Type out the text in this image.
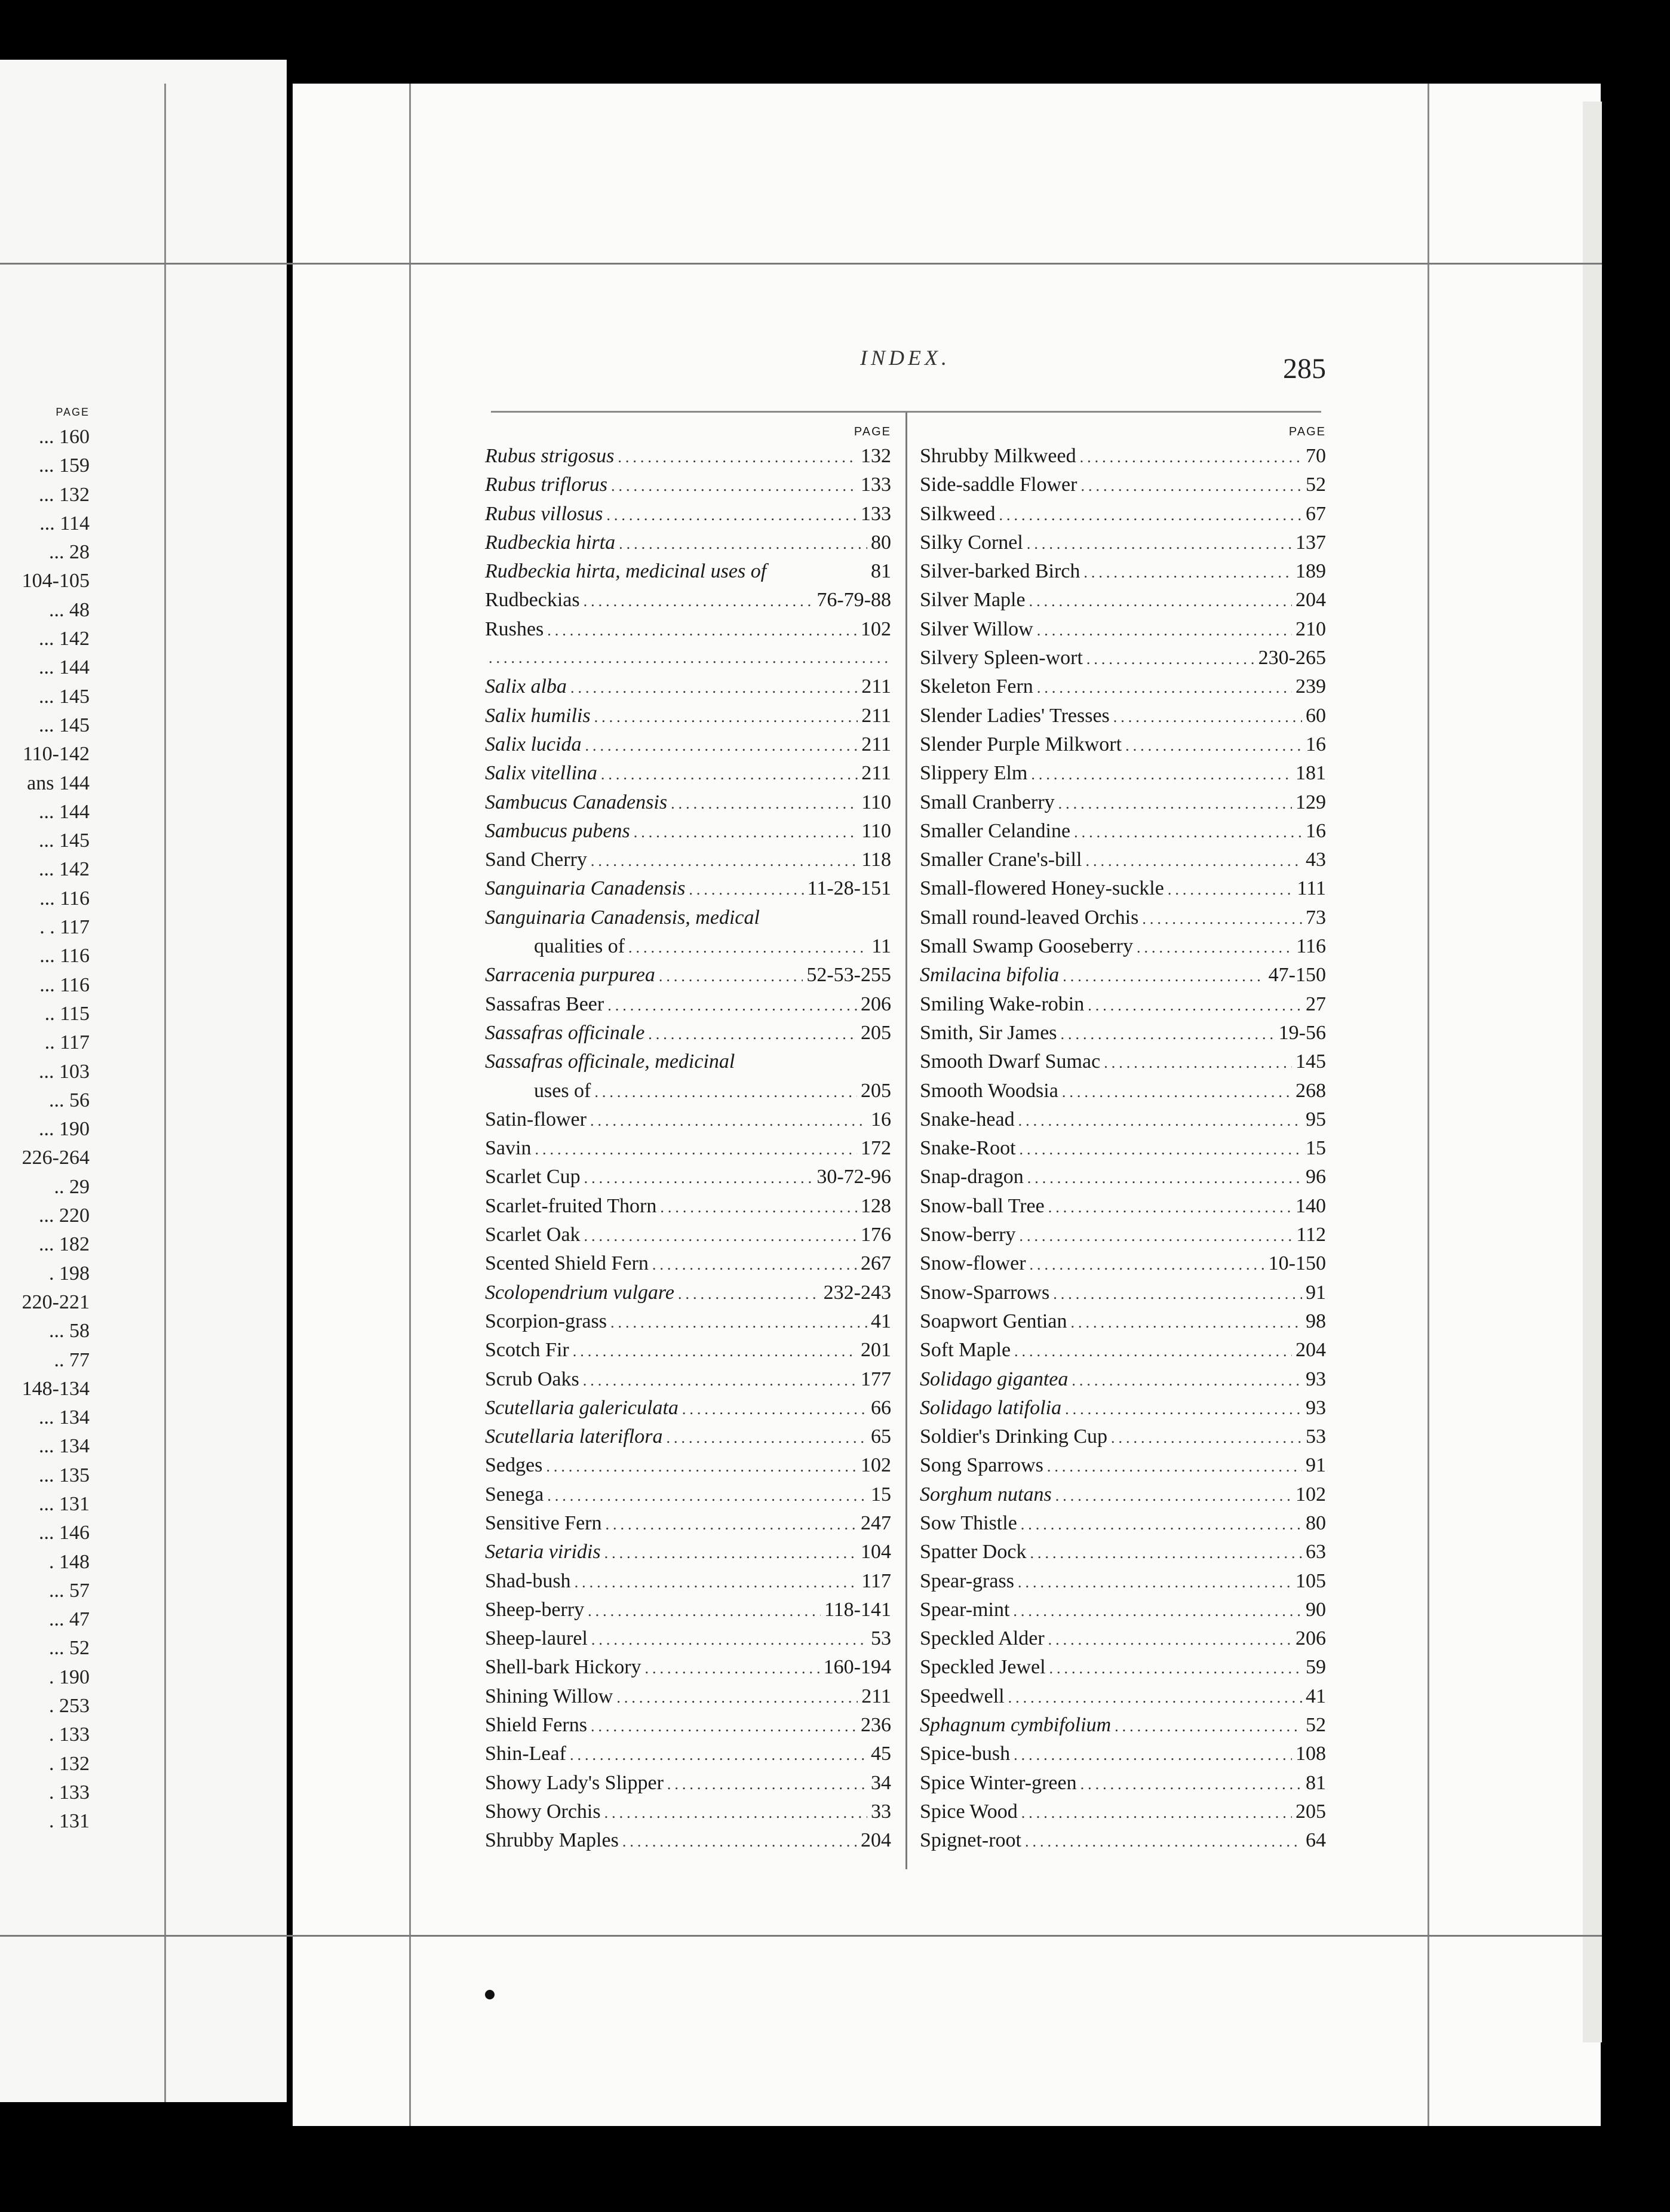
PAGE
... 160
... 159
... 132
... 114
... 28
104-105
... 48
... 142
... 144
... 145
... 145
110-142
ans 144
... 144
... 145
... 142
... 116
. . 117
... 116
... 116
.. 115
.. 117
... 103
... 56
... 190
226-264
.. 29
... 220
... 182
. 198
220-221
... 58
.. 77
148-134
... 134
... 134
... 135
... 131
... 146
. 148
... 57
... 47
... 52
. 190
. 253
. 133
. 132
. 133
. 131
INDEX.	285
PAGE
Rubus strigosus .....	132
Rubus triflorus .....	133
Rubus villosus .....	133
Rudbeckia hirta .....	80
Rudbeckia hirta, medicinal uses of	81
Rudbeckias .....	76-79-88
Rushes .....	102
.....
Salix alba .....	211
Salix humilis .....	211
Salix lucida .....	211
Salix vitellina .....	211
Sambucus Canadensis .....	110
Sambucus pubens .....	110
Sand Cherry .....	118
Sanguinaria Canadensis .....	11-28-151
Sanguinaria Canadensis, medical
qualities of .....	11
Sarracenia purpurea .....	52-53-255
Sassafras Beer .....	206
Sassafras officinale .....	205
Sassafras officinale, medicinal
uses of .....	205
Satin-flower .....	16
Savin .....	172
Scarlet Cup .....	30-72-96
Scarlet-fruited Thorn .....	128
Scarlet Oak .....	176
Scented Shield Fern .....	267
Scolopendrium vulgare .....	232-243
Scorpion-grass .....	41
Scotch Fir .....	201
Scrub Oaks .....	177
Scutellaria galericulata .....	66
Scutellaria lateriflora .....	65
Sedges .....	102
Senega .....	15
Sensitive Fern .....	247
Setaria viridis .....	104
Shad-bush .....	117
Sheep-berry .....	118-141
Sheep-laurel .....	53
Shell-bark Hickory .....	160-194
Shining Willow .....	211
Shield Ferns .....	236
Shin-Leaf .....	45
Showy Lady's Slipper .....	34
Showy Orchis .....	33
Shrubby Maples .....	204
PAGE
Shrubby Milkweed .....	70
Side-saddle Flower .....	52
Silkweed .....	67
Silky Cornel .....	137
Silver-barked Birch .....	189
Silver Maple .....	204
Silver Willow .....	210
Silvery Spleen-wort .....	230-265
Skeleton Fern .....	239
Slender Ladies' Tresses .....	60
Slender Purple Milkwort .....	16
Slippery Elm .....	181
Small Cranberry .....	129
Smaller Celandine .....	16
Smaller Crane's-bill .....	43
Small-flowered Honey-suckle .....	111
Small round-leaved Orchis .....	73
Small Swamp Gooseberry .....	116
Smilacina bifolia .....	47-150
Smiling Wake-robin .....	27
Smith, Sir James .....	19-56
Smooth Dwarf Sumac .....	145
Smooth Woodsia .....	268
Snake-head .....	95
Snake-Root .....	15
Snap-dragon .....	96
Snow-ball Tree .....	140
Snow-berry .....	112
Snow-flower .....	10-150
Snow-Sparrows .....	91
Soapwort Gentian .....	98
Soft Maple .....	204
Solidago gigantea .....	93
Solidago latifolia .....	93
Soldier's Drinking Cup .....	53
Song Sparrows .....	91
Sorghum nutans .....	102
Sow Thistle .....	80
Spatter Dock .....	63
Spear-grass .....	105
Spear-mint .....	90
Speckled Alder .....	206
Speckled Jewel .....	59
Speedwell .....	41
Sphagnum cymbifolium .....	52
Spice-bush .....	108
Spice Winter-green .....	81
Spice Wood .....	205
Spignet-root .....	64
